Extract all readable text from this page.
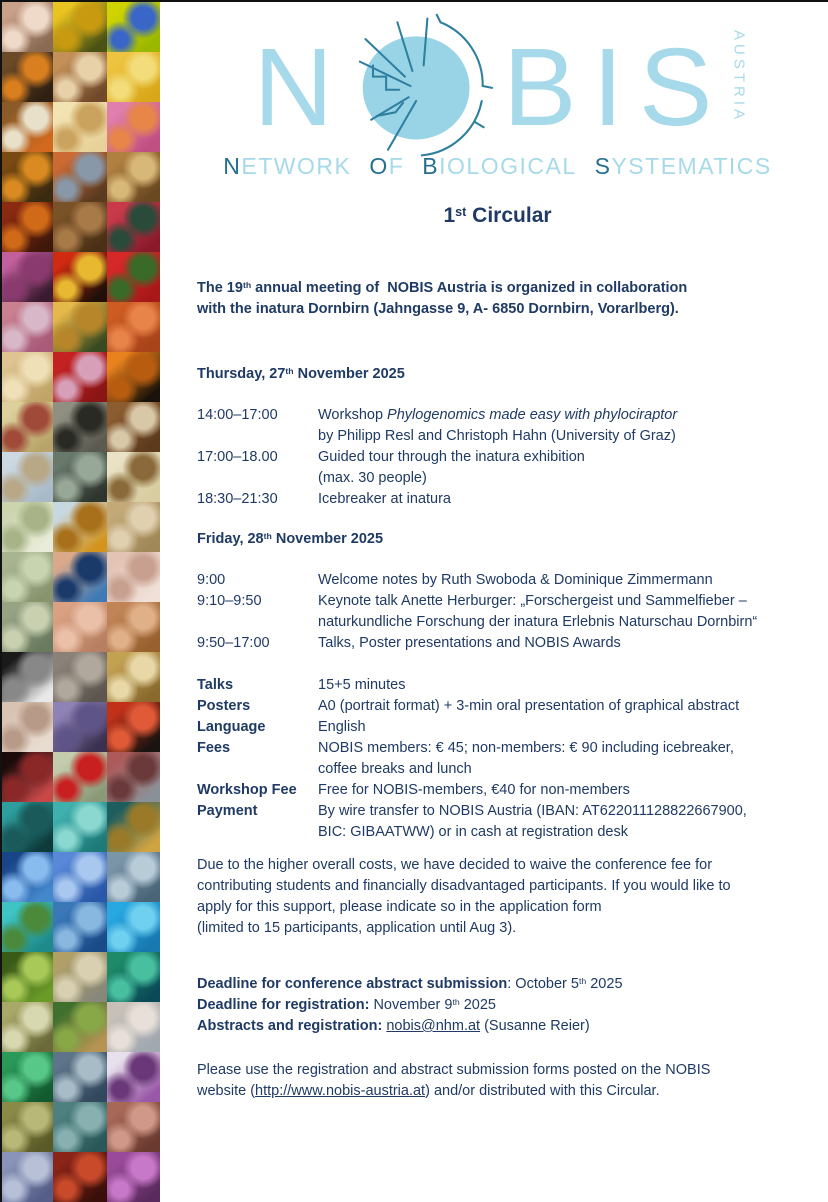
N B I S	AUSTRIA
NETWORK OF BIOLOGICAL SYSTEMATICS
1st Circular
The 19th annual meeting of  NOBIS Austria is organized in collaboration
with the inatura Dornbirn (Jahngasse 9, A- 6850 Dornbirn, Vorarlberg).
Thursday, 27th November 2025
14:00–17:00	Workshop Phylogenomics made easy with phylociraptor
by Philipp Resl and Christoph Hahn (University of Graz)
17:00–18.00	Guided tour through the inatura exhibition
(max. 30 people)
18:30–21:30	Icebreaker at inatura
Friday, 28th November 2025
9:00	Welcome notes by Ruth Swoboda & Dominique Zimmermann
9:10–9:50	Keynote talk Anette Herburger: „Forschergeist und Sammelfieber –
naturkundliche Forschung der inatura Erlebnis Naturschau Dornbirn“
9:50–17:00	Talks, Poster presentations and NOBIS Awards
Talks	15+5 minutes
Posters	A0 (portrait format) + 3-min oral presentation of graphical abstract
Language	English
Fees	NOBIS members: € 45; non-members: € 90 including icebreaker,
coffee breaks and lunch
Workshop Fee	Free for NOBIS-members, €40 for non-members
Payment	By wire transfer to NOBIS Austria (IBAN: AT622011128822667900,
BIC: GIBAATWW) or in cash at registration desk
Due to the higher overall costs, we have decided to waive the conference fee for
contributing students and financially disadvantaged participants. If you would like to
apply for this support, please indicate so in the application form
(limited to 15 participants, application until Aug 3).
Deadline for conference abstract submission: October 5th 2025
Deadline for registration: November 9th 2025
Abstracts and registration: nobis@nhm.at (Susanne Reier)
Please use the registration and abstract submission forms posted on the NOBIS
website (http://www.nobis-austria.at) and/or distributed with this Circular.
